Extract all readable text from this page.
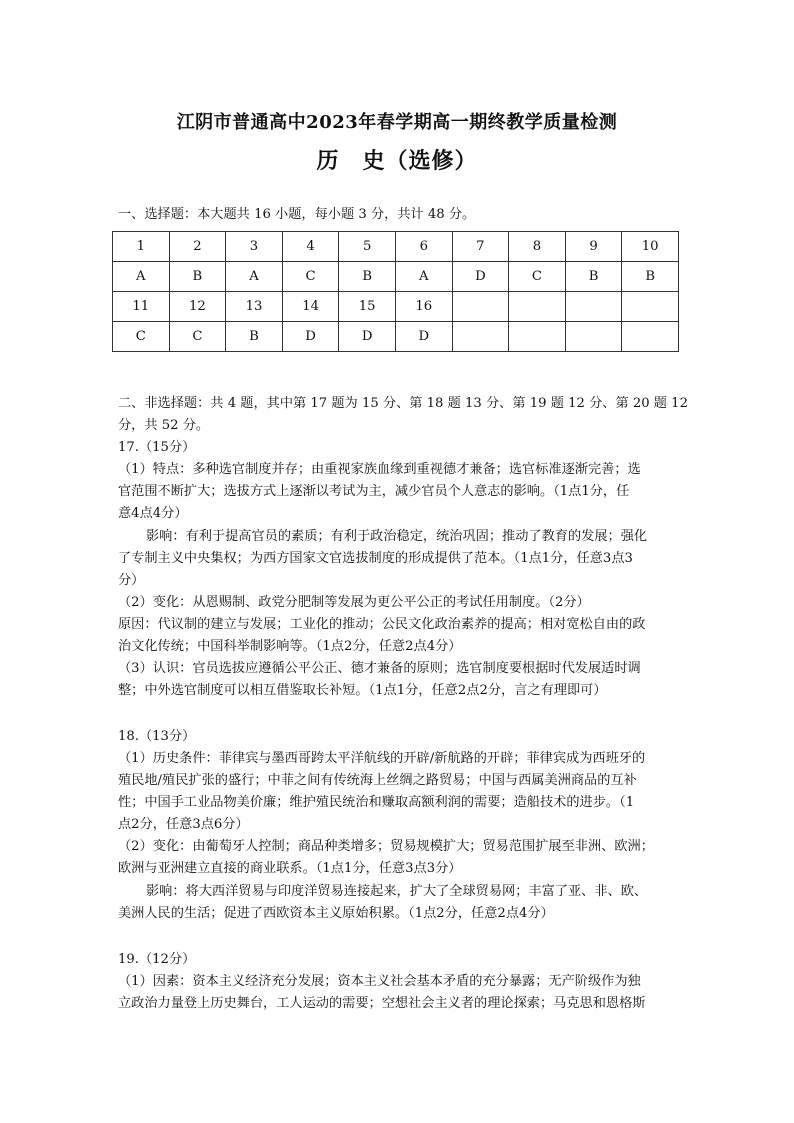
江阴市普通高中2023年春学期高一期终教学质量检测
历　史（选修）
一、选择题：本大题共 16 小题，每小题 3 分，共计 48 分。
1	2	3	4	5	6	7	8	9	10
A	B	A	C	B	A	D	C	B	B
11	12	13	14	15	16				
C	C	B	D	D	D				
二、非选择题：共 4 题，其中第 17 题为 15 分、第 18 题 13 分、第 19 题 12 分、第 20 题 12
分，共 52 分。
17.（15分）
（1）特点：多种选官制度并存；由重视家族血缘到重视德才兼备；选官标准逐渐完善；选
官范围不断扩大；选拔方式上逐渐以考试为主，减少官员个人意志的影响。（1点1分，任
意4点4分）
影响：有利于提高官员的素质；有利于政治稳定，统治巩固；推动了教育的发展；强化
了专制主义中央集权；为西方国家文官选拔制度的形成提供了范本。（1点1分，任意3点3
分）
（2）变化：从恩赐制、政党分肥制等发展为更公平公正的考试任用制度。（2分）
原因：代议制的建立与发展；工业化的推动；公民文化政治素养的提高；相对宽松自由的政
治文化传统；中国科举制影响等。（1点2分，任意2点4分）
（3）认识：官员选拔应遵循公平公正、德才兼备的原则；选官制度要根据时代发展适时调
整；中外选官制度可以相互借鉴取长补短。（1点1分，任意2点2分，言之有理即可）
18.（13分）
（1）历史条件：菲律宾与墨西哥跨太平洋航线的开辟/新航路的开辟；菲律宾成为西班牙的
殖民地/殖民扩张的盛行；中菲之间有传统海上丝绸之路贸易；中国与西属美洲商品的互补
性；中国手工业品物美价廉；维护殖民统治和赚取高额利润的需要；造船技术的进步。（1
点2分，任意3点6分）
（2）变化：由葡萄牙人控制；商品种类增多；贸易规模扩大；贸易范围扩展至非洲、欧洲；
欧洲与亚洲建立直接的商业联系。（1点1分，任意3点3分）
影响：将大西洋贸易与印度洋贸易连接起来，扩大了全球贸易网；丰富了亚、非、欧、
美洲人民的生活；促进了西欧资本主义原始积累。（1点2分，任意2点4分）
19.（12分）
（1）因素：资本主义经济充分发展；资本主义社会基本矛盾的充分暴露；无产阶级作为独
立政治力量登上历史舞台，工人运动的需要；空想社会主义者的理论探索；马克思和恩格斯
